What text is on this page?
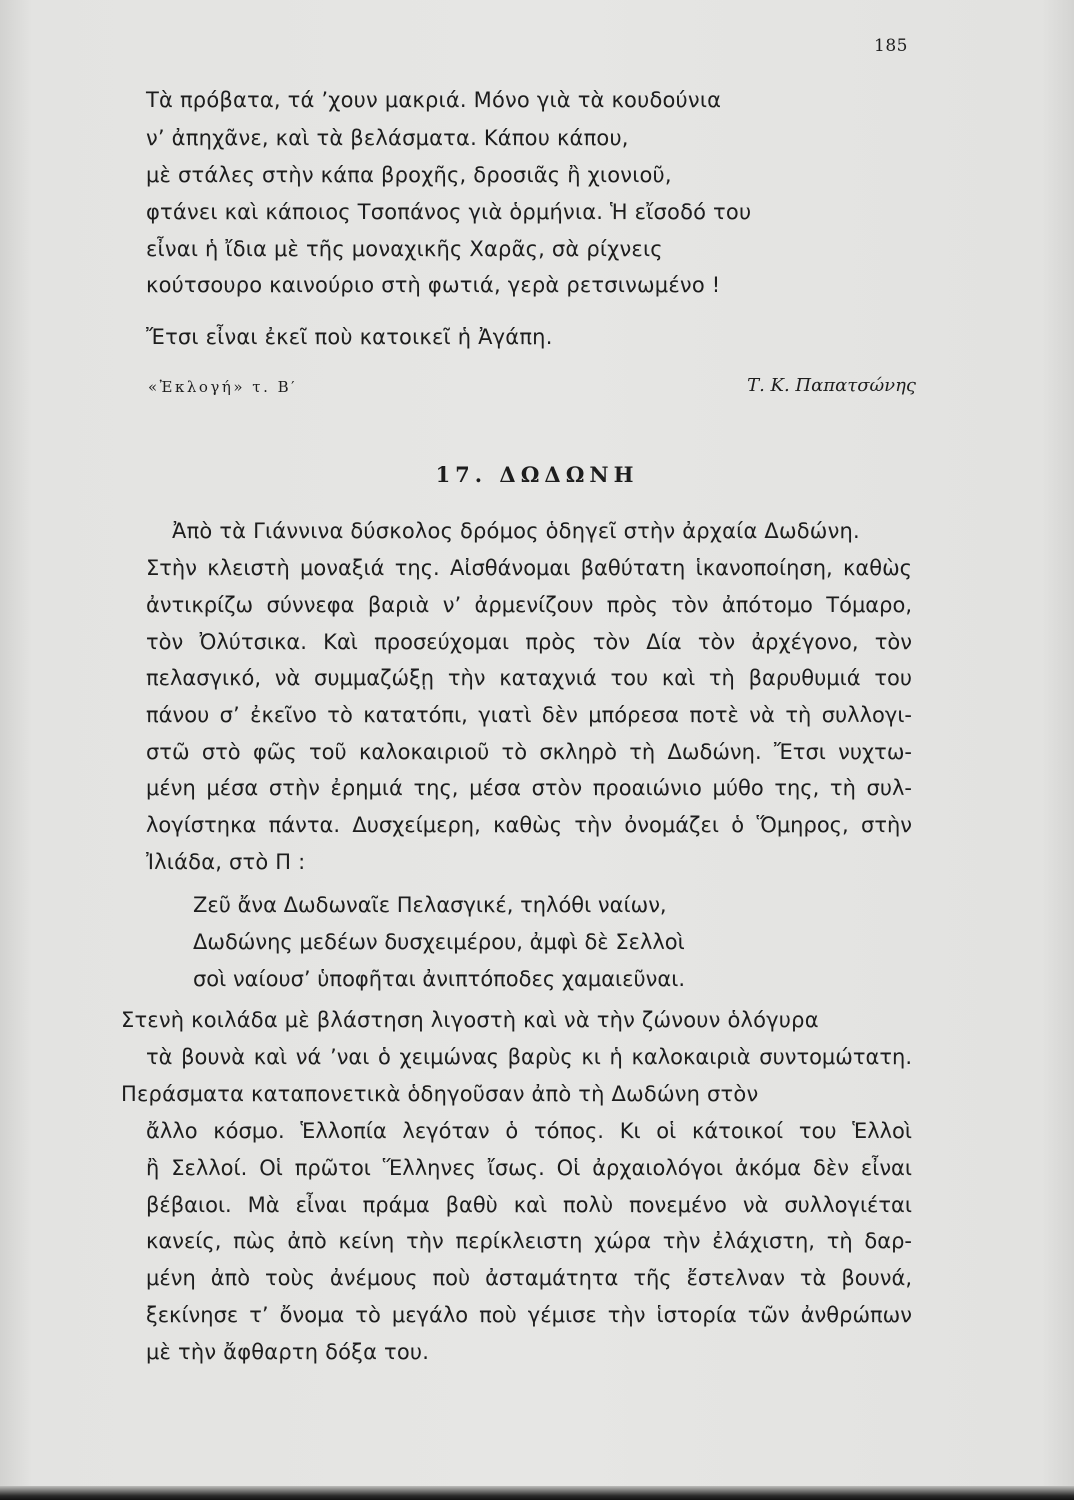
185
Τὰ πρόβατα, τά ’χουν μακριά. Μόνο γιὰ τὰ κουδούνια
ν’ ἀπηχᾶνε, καὶ τὰ βελάσματα. Κάπου κάπου,
μὲ στάλες στὴν κάπα βροχῆς, δροσιᾶς ἢ χιονιοῦ,
φτάνει καὶ κάποιος Τσοπάνος γιὰ ὁρμήνια. Ἡ εἴσοδό του
εἶναι ἡ ἴδια μὲ τῆς μοναχικῆς Χαρᾶς, σὰ ρίχνεις
κούτσουρο καινούριο στὴ φωτιά, γερὰ ρετσινωμένο !
Ἔτσι εἶναι ἐκεῖ ποὺ κατοικεῖ ἡ Ἀγάπη.
«Ἐκλογή» τ. Β′	Τ. Κ. Παπατσώνης
17. ΔΩΔΩΝΗ
Ἀπὸ τὰ Γιάννινα δύσκολος δρόμος ὁδηγεῖ στὴν ἀρχαία Δωδώνη.
Στὴν κλειστὴ μοναξιά της. Αἰσθάνομαι βαθύτατη ἱκανοποίηση, καθὼς
ἀντικρίζω σύννεφα βαριὰ ν’ ἀρμενίζουν πρὸς τὸν ἀπότομο Τόμαρο,
τὸν Ὀλύτσικα. Καὶ προσεύχομαι πρὸς τὸν Δία τὸν ἀρχέγονο, τὸν
πελασγικό, νὰ συμμαζώξῃ τὴν καταχνιά του καὶ τὴ βαρυθυμιά του
πάνου σ’ ἐκεῖνο τὸ κατατόπι, γιατὶ δὲν μπόρεσα ποτὲ νὰ τὴ συλλογι-
στῶ στὸ φῶς τοῦ καλοκαιριοῦ τὸ σκληρὸ τὴ Δωδώνη. Ἔτσι νυχτω-
μένη μέσα στὴν ἐρημιά της, μέσα στὸν προαιώνιο μύθο της, τὴ συλ-
λογίστηκα πάντα. Δυσχείμερη, καθὼς τὴν ὀνομάζει ὁ Ὅμηρος, στὴν
Ἰλιάδα, στὸ Π :
Ζεῦ ἄνα Δωδωναῖε Πελασγικέ, τηλόθι ναίων,
Δωδώνης μεδέων δυσχειμέρου, ἀμφὶ δὲ Σελλοὶ
σοὶ ναίουσ’ ὑποφῆται ἀνιπτόποδες χαμαιεῦναι.
Στενὴ κοιλάδα μὲ βλάστηση λιγοστὴ καὶ νὰ τὴν ζώνουν ὁλόγυρα
τὰ βουνὰ καὶ νά ’ναι ὁ χειμώνας βαρὺς κι ἡ καλοκαιριὰ συντομώτατη.
Περάσματα καταπονετικὰ ὁδηγοῦσαν ἀπὸ τὴ Δωδώνη στὸν
ἄλλο κόσμο. Ἑλλοπία λεγόταν ὁ τόπος. Κι οἱ κάτοικοί του Ἑλλοὶ
ἢ Σελλοί. Οἱ πρῶτοι Ἕλληνες ἴσως. Οἱ ἀρχαιολόγοι ἀκόμα δὲν εἶναι
βέβαιοι. Μὰ εἶναι πράμα βαθὺ καὶ πολὺ πονεμένο νὰ συλλογιέται
κανείς, πὼς ἀπὸ κείνη τὴν περίκλειστη χώρα τὴν ἐλάχιστη, τὴ δαρ-
μένη ἀπὸ τοὺς ἀνέμους ποὺ ἀσταμάτητα τῆς ἔστελναν τὰ βουνά,
ξεκίνησε τ’ ὄνομα τὸ μεγάλο ποὺ γέμισε τὴν ἱστορία τῶν ἀνθρώπων
μὲ τὴν ἄφθαρτη δόξα του.
